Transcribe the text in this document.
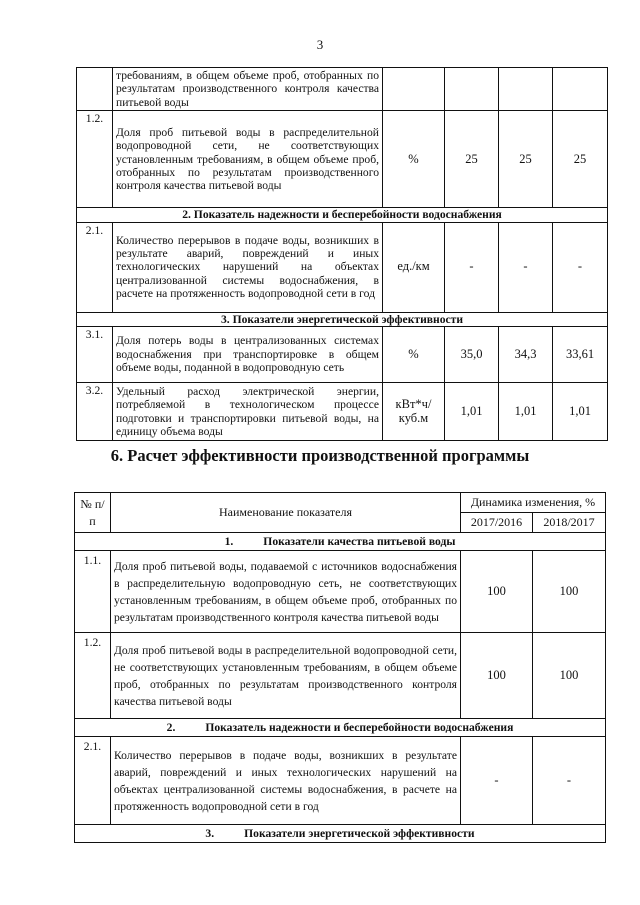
3
	требованиям, в общем объеме проб, отобранных по результатам производственного контроля качества питьевой воды				
1.2.	Доля проб питьевой воды в распределительной водопроводной сети, не соответствующих установленным требованиям, в общем объеме проб, отобранных по результатам производственного контроля качества питьевой воды	%	25	25	25
2. Показатель надежности и бесперебойности водоснабжения					
2.1.	Количество перерывов в подаче воды, возникших в результате аварий, повреждений и иных технологических нарушений на объектах централизованной системы водоснабжения, в расчете на протяженность водопроводной сети в год	ед./км	-	-	-
3. Показатели энергетической эффективности					
3.1.	Доля потерь воды в централизованных системах водоснабжения при транспортировке в общем объеме воды, поданной в водопроводную сеть	%	35,0	34,3	33,61
3.2.	Удельный расход электрической энергии, потребляемой в технологическом процессе подготовки и транспортировки питьевой воды, на единицу объема воды	кВт*ч/куб.м	1,01	1,01	1,01
6. Расчет эффективности производственной программы
№ п/п	Наименование показателя	Динамика изменения, %	
		2017/2016	2018/2017
1. Показатели качества питьевой воды			
1.1.	Доля проб питьевой воды, подаваемой с источников водоснабжения в распределительную водопроводную сеть, не соответствующих установленным требованиям, в общем объеме проб, отобранных по результатам производственного контроля качества питьевой воды	100	100
1.2.	Доля проб питьевой воды в распределительной водопроводной сети, не соответствующих установленным требованиям, в общем объеме проб, отобранных по результатам производственного контроля качества питьевой воды	100	100
2. Показатель надежности и бесперебойности водоснабжения			
2.1.	Количество перерывов в подаче воды, возникших в результате аварий, повреждений и иных технологических нарушений на объектах централизованной системы водоснабжения, в расчете на протяженность водопроводной сети в год	-	-
3. Показатели энергетической эффективности			
